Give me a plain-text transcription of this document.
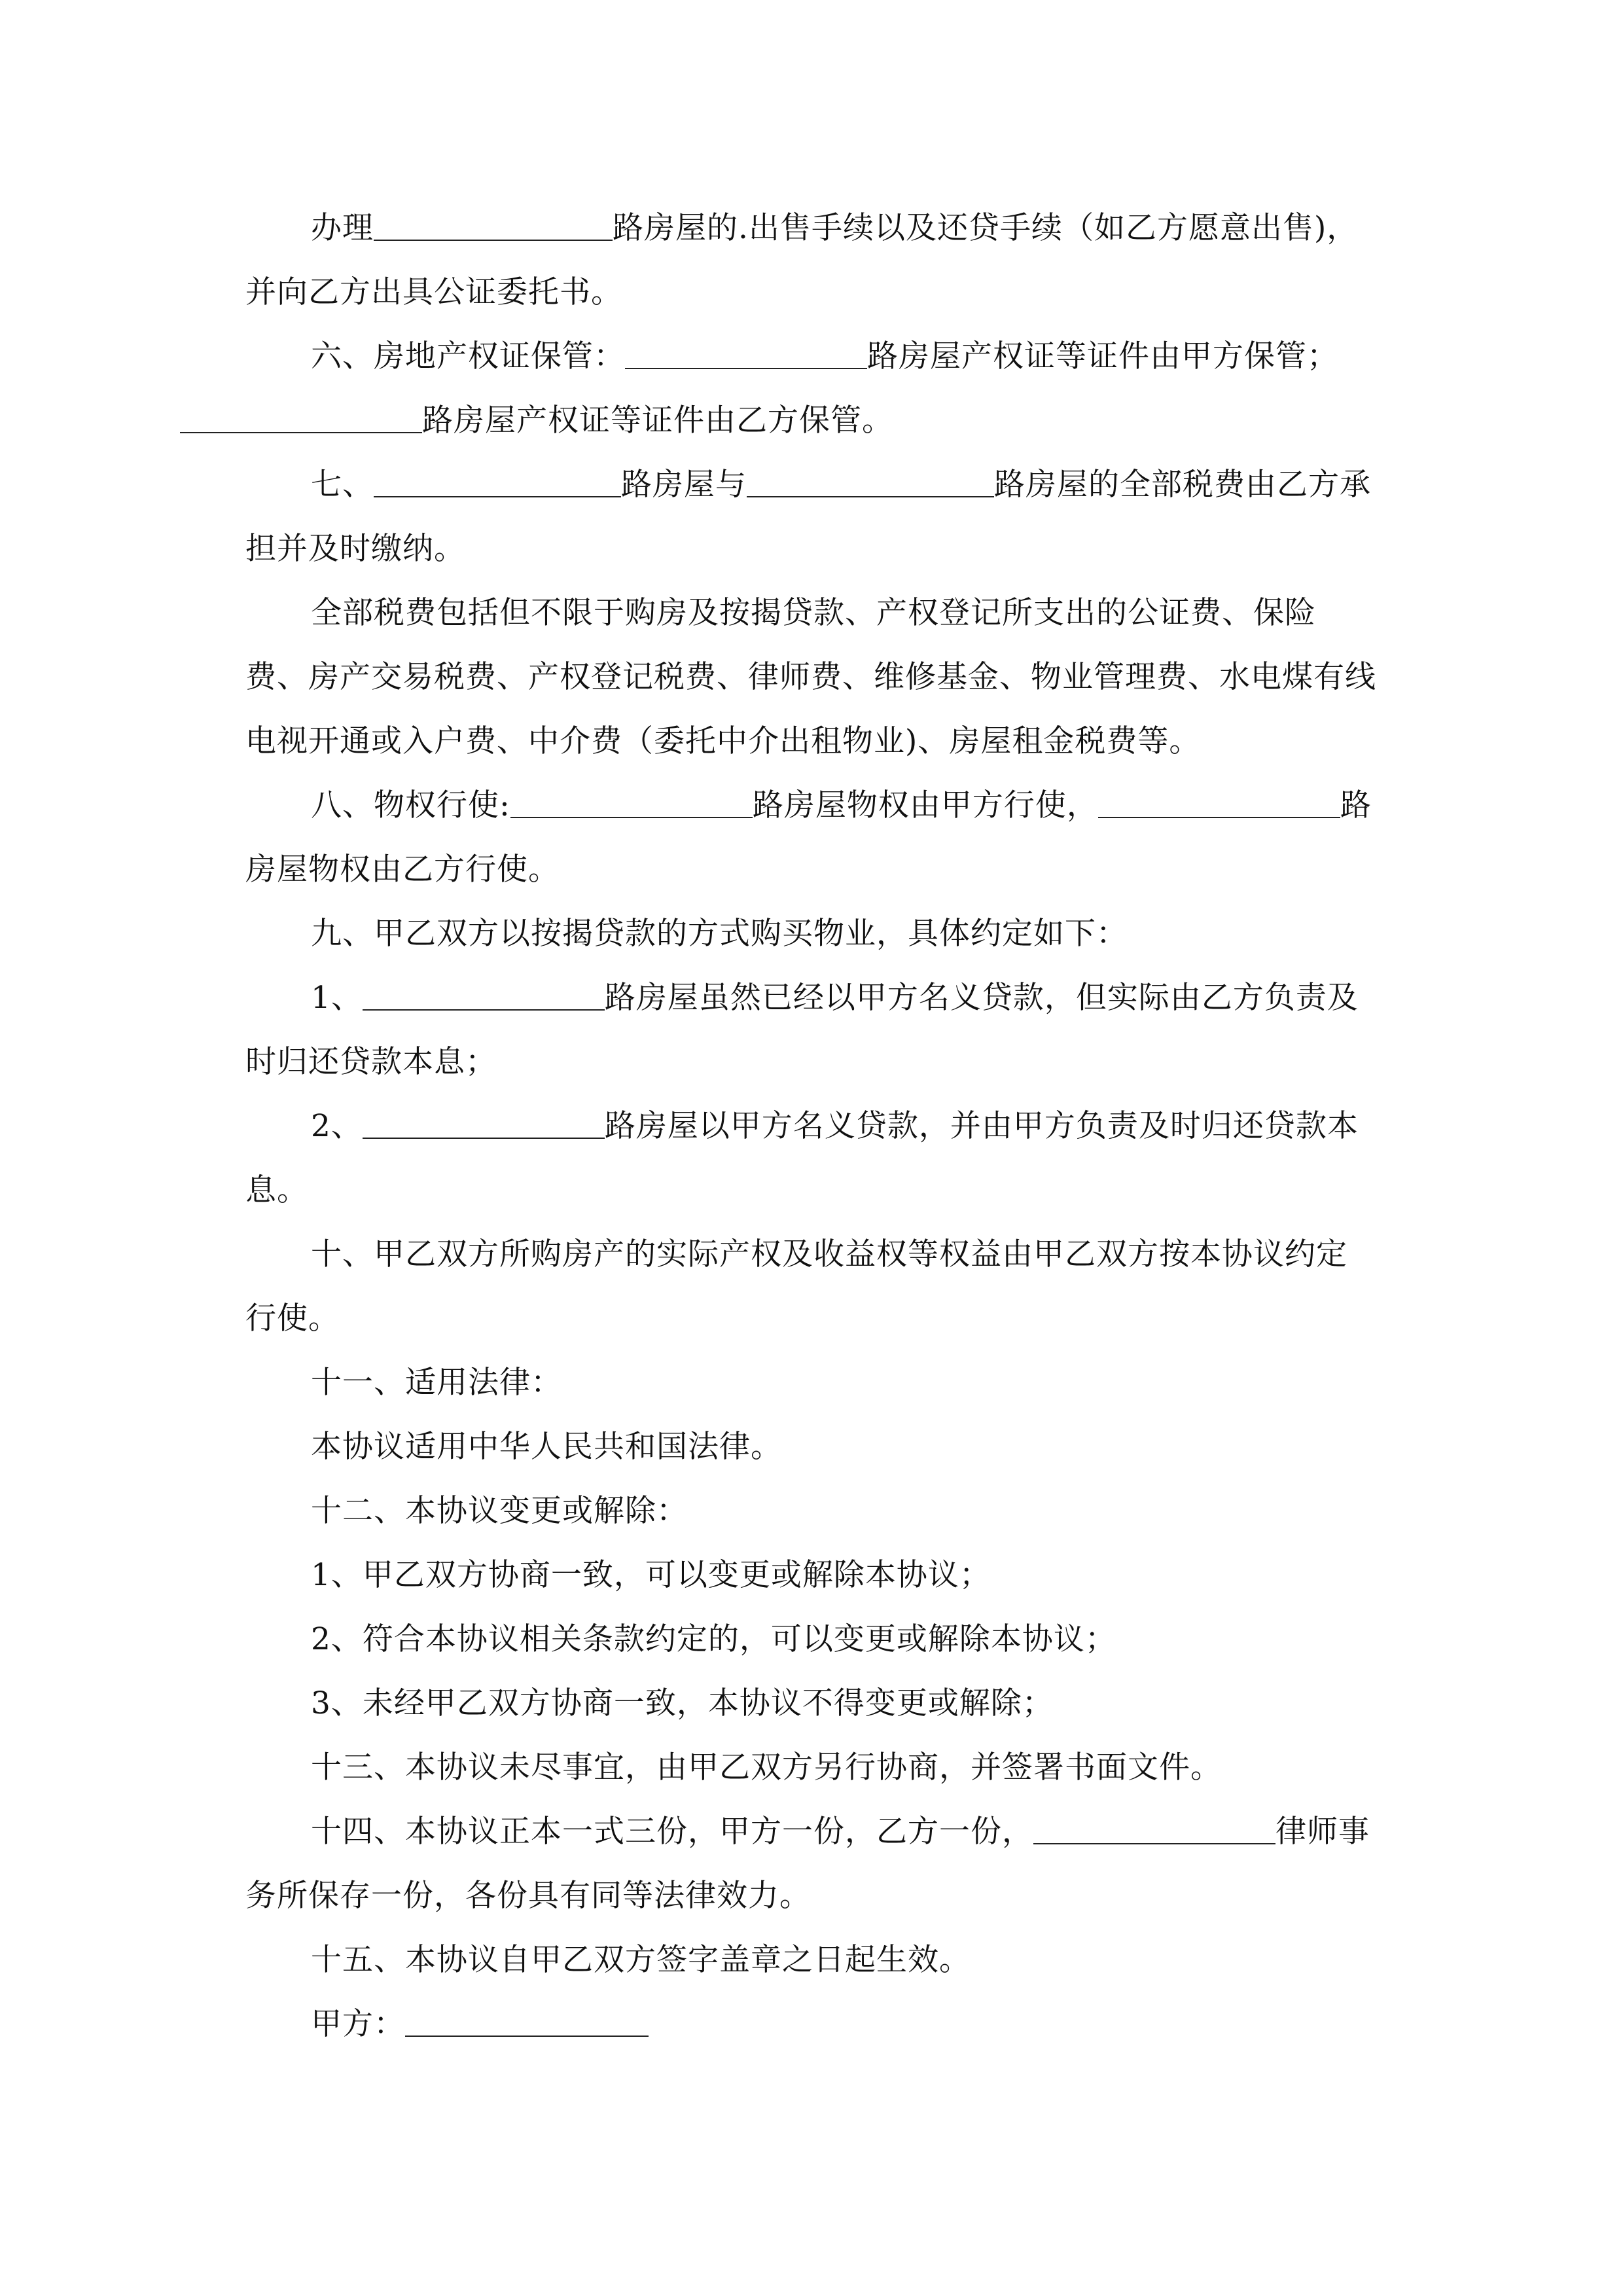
办理	路房屋的.出售手续以及还贷手续（如乙方愿意出售)，并向乙方出具公证委托书。

六、房地产权证保管：	路房屋产权证等证件由甲方保管；路房屋产权证等证件由乙方保管。

七、	路房屋与	路房屋的全部税费由乙方承担并及时缴纳。

全部税费包括但不限于购房及按揭贷款、产权登记所支出的公证费、保险费、房产交易税费、产权登记税费、律师费、维修基金、物业管理费、水电煤有线电视开通或入户费、中介费（委托中介出租物业)、房屋租金税费等。

八、物权行使:	路房屋物权由甲方行使，	路房屋物权由乙方行使。

九、甲乙双方以按揭贷款的方式购买物业，具体约定如下：

1、	路房屋虽然已经以甲方名义贷款，但实际由乙方负责及时归还贷款本息；

2、	路房屋以甲方名义贷款，并由甲方负责及时归还贷款本息。

十、甲乙双方所购房产的实际产权及收益权等权益由甲乙双方按本协议约定行使。

十一、适用法律：

本协议适用中华人民共和国法律。

十二、本协议变更或解除：

1、甲乙双方协商一致，可以变更或解除本协议；

2、符合本协议相关条款约定的，可以变更或解除本协议；

3、未经甲乙双方协商一致，本协议不得变更或解除；

十三、本协议未尽事宜，由甲乙双方另行协商，并签署书面文件。

十四、本协议正本一式三份，甲方一份，乙方一份，	律师事务所保存一份，各份具有同等法律效力。

十五、本协议自甲乙双方签字盖章之日起生效。

甲方：
